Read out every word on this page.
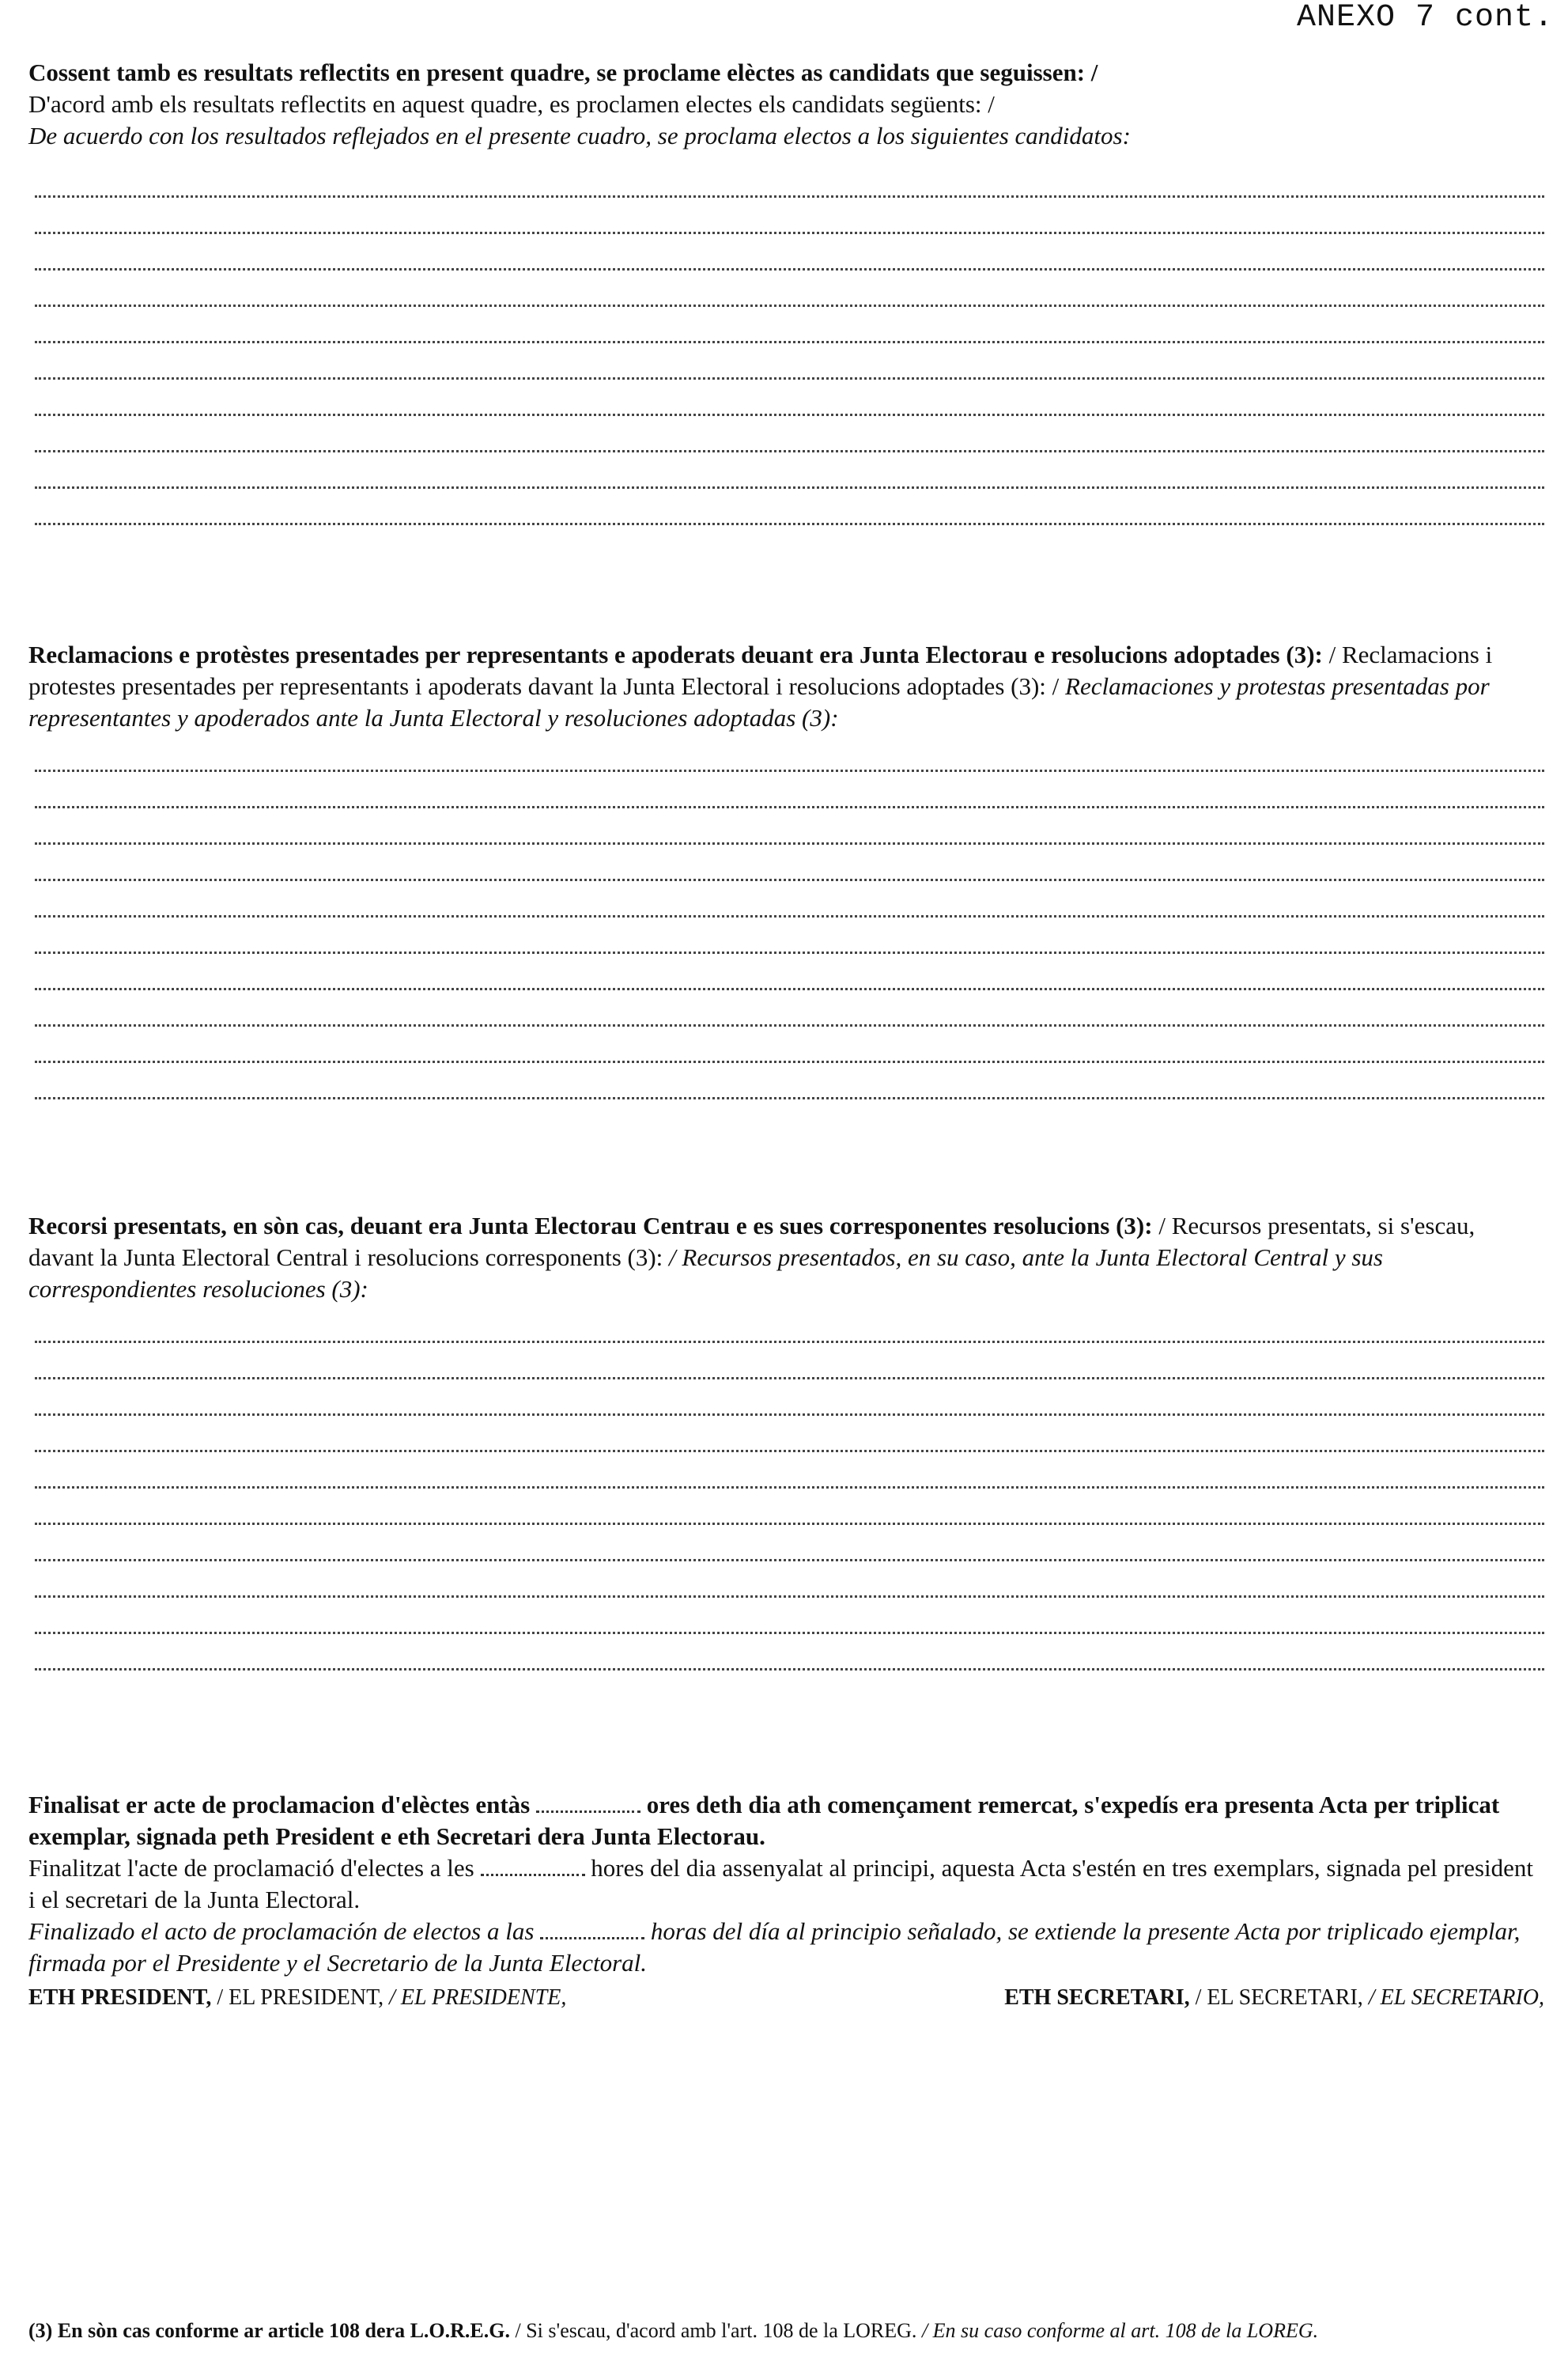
ANEXO 7 cont.
Cossent tamb es resultats reflectits en present quadre, se proclame elèctes as candidats que seguissen: /
D'acord amb els resultats reflectits en aquest quadre, es proclamen electes els candidats següents: /
De acuerdo con los resultados reflejados en el presente cuadro, se proclama electos a los siguientes candidatos:
Reclamacions e protèstes presentades per representants e apoderats deuant era Junta Electorau e resolucions adoptades (3): / Reclamacions i protestes presentades per representants i apoderats davant la Junta Electoral i resolucions adoptades (3): / Reclamaciones y protestas presentadas por representantes y apoderados ante la Junta Electoral y resoluciones adoptadas (3):
Recorsi presentats, en sòn cas, deuant era Junta Electorau Centrau e es sues corresponentes resolucions (3): / Recursos presentats, si s'escau, davant la Junta Electoral Central i resolucions corresponents (3): / Recursos presentados, en su caso, ante la Junta Electoral Central y sus correspondientes resoluciones (3):
Finalisat er acte de proclamacion d'elèctes entàs	ores deth dia ath començament remercat, s'expedís era presenta Acta per triplicat exemplar, signada peth President e eth Secretari dera Junta Electorau.
Finalitzat l'acte de proclamació d'electes a les	hores del dia assenyalat al principi, aquesta Acta s'estén en tres exemplars, signada pel president i el secretari de la Junta Electoral.
Finalizado el acto de proclamación de electos a las	horas del día al principio señalado, se extiende la presente Acta por triplicado ejemplar, firmada por el Presidente y el Secretario de la Junta Electoral.
ETH PRESIDENT, / EL PRESIDENT, / EL PRESIDENTE,	ETH SECRETARI, / EL SECRETARI, / EL SECRETARIO,
(3) En sòn cas conforme ar article 108 dera L.O.R.E.G. / Si s'escau, d'acord amb l'art. 108 de la LOREG. / En su caso conforme al art. 108 de la LOREG.
